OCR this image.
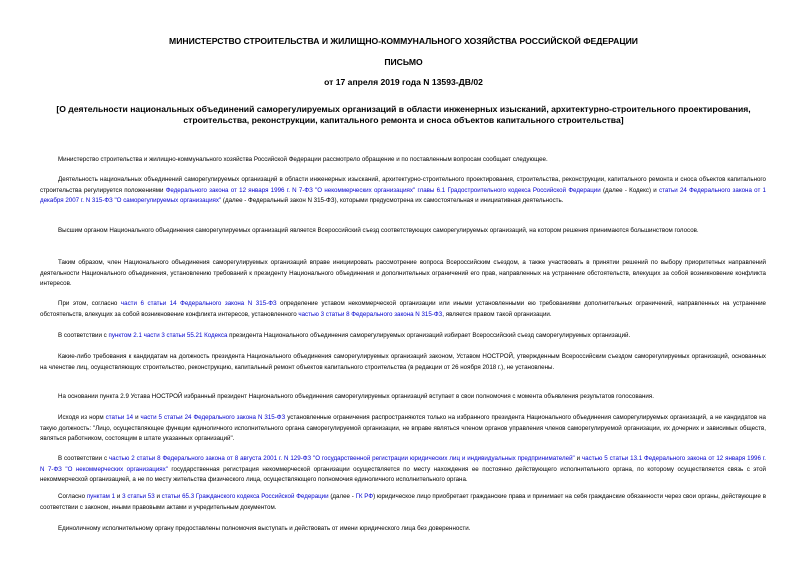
МИНИСТЕРСТВО СТРОИТЕЛЬСТВА И ЖИЛИЩНО-КОММУНАЛЬНОГО ХОЗЯЙСТВА РОССИЙСКОЙ ФЕДЕРАЦИИ
ПИСЬМО
от 17 апреля 2019 года N 13593-ДВ/02
[О деятельности национальных объединений саморегулируемых организаций в области инженерных изысканий, архитектурно-строительного проектирования, строительства, реконструкции, капитального ремонта и сноса объектов капитального строительства]
Министерство строительства и жилищно-коммунального хозяйства Российской Федерации рассмотрело обращение и по поставленным вопросам сообщает следующее.
Деятельность национальных объединений саморегулируемых организаций в области инженерных изысканий, архитектурно-строительного проектирования, строительства, реконструкции, капитального ремонта и сноса объектов капитального строительства регулируется положениями Федерального закона от 12 января 1996 г. N 7-ФЗ "О некоммерческих организациях" главы 6.1 Градостроительного кодекса Российской Федерации (далее - Кодекс) и статьи 24 Федерального закона от 1 декабря 2007 г. N 315-ФЗ "О саморегулируемых организациях" (далее - Федеральный закон N 315-ФЗ), которыми предусмотрена их самостоятельная и инициативная деятельность.
Высшим органом Национального объединения саморегулируемых организаций является Всероссийский съезд соответствующих саморегулируемых организаций, на котором решения принимаются большинством голосов.
Таким образом, член Национального объединения саморегулируемых организаций вправе инициировать рассмотрение вопроса Всероссийским съездом, а также участвовать в принятии решений по выбору приоритетных направлений деятельности Национального объединения, установлению требований к президенту Национального объединения и дополнительных ограничений его прав, направленных на устранение обстоятельств, влекущих за собой возникновение конфликта интересов.
При этом, согласно части 6 статьи 14 Федерального закона N 315-ФЗ определение уставом некоммерческой организации или иными установленными ею требованиями дополнительных ограничений, направленных на устранение обстоятельств, влекущих за собой возникновение конфликта интересов, установленного частью 3 статьи 8 Федерального закона N 315-ФЗ, является правом такой организации.
В соответствии с пунктом 2.1 части 3 статьи 55.21 Кодекса президента Национального объединения саморегулируемых организаций избирает Всероссийский съезд саморегулируемых организаций.
Какие-либо требования к кандидатам на должность президента Национального объединения саморегулируемых организаций законом, Уставом НОСТРОЙ, утвержденным Всероссийским съездом саморегулируемых организаций, основанных на членстве лиц, осуществляющих строительство, реконструкцию, капитальный ремонт объектов капитального строительства (в редакции от 26 ноября 2018 г.), не установлены.
На основании пункта 2.9 Устава НОСТРОЙ избранный президент Национального объединения саморегулируемых организаций вступает в свои полномочия с момента объявления результатов голосования.
Исходя из норм статьи 14 и части 5 статьи 24 Федерального закона N 315-ФЗ установленные ограничения распространяются только на избранного президента Национального объединения саморегулируемых организаций, а не кандидатов на такую должность: "Лицо, осуществляющее функции единоличного исполнительного органа саморегулируемой организации, не вправе являться членом органов управления членов саморегулируемой организации, их дочерних и зависимых обществ, являться работником, состоящим в штате указанных организаций".
В соответствии с частью 2 статьи 8 Федерального закона от 8 августа 2001 г. N 129-ФЗ "О государственной регистрации юридических лиц и индивидуальных предпринимателей" и частью 5 статьи 13.1 Федерального закона от 12 января 1996 г. N 7-ФЗ "О некоммерческих организациях" государственная регистрация некоммерческой организации осуществляется по месту нахождения ее постоянно действующего исполнительного органа, по которому осуществляется связь с этой некоммерческой организацией, а не по месту жительства физического лица, осуществляющего полномочия единоличного исполнительного органа.
Согласно пунктам 1 и 3 статьи 53 и статьи 65.3 Гражданского кодекса Российской Федерации (далее - ГК РФ) юридическое лицо приобретает гражданские права и принимает на себя гражданские обязанности через свои органы, действующие в соответствии с законом, иными правовыми актами и учредительным документом.
Единоличному исполнительному органу предоставлены полномочия выступать и действовать от имени юридического лица без доверенности.
